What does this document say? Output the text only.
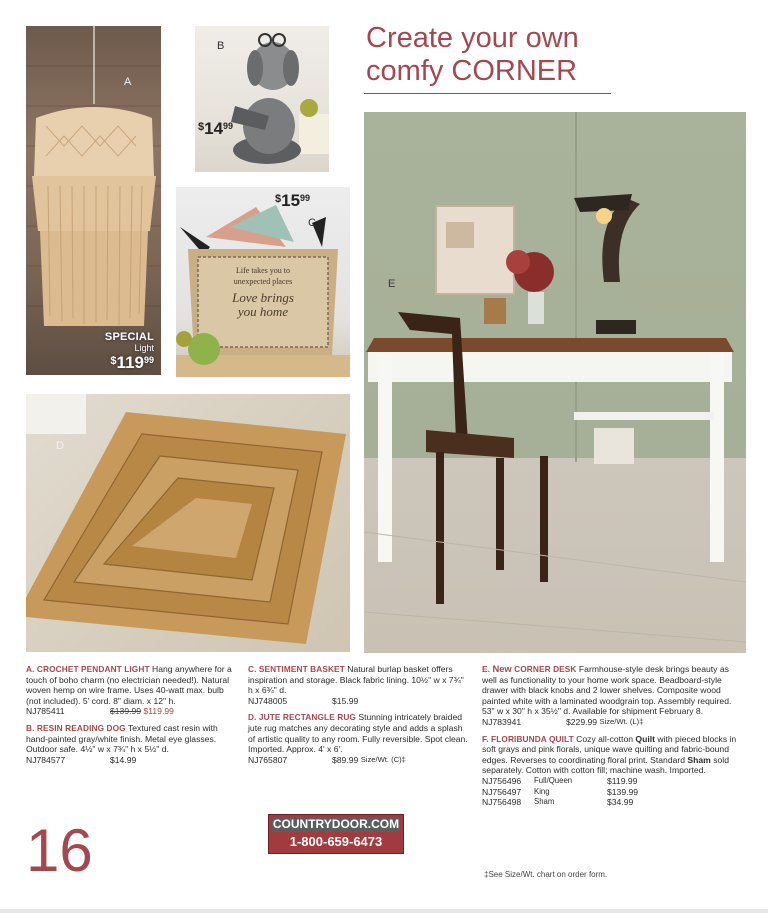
Create your own
comfy CORNER
A
SPECIAL
Light
$^{\$}119^{99}$
B
$^{\$}14^{99}$
C
$^{\$}15^{99}$
Life takes you to
unexpected places
Love brings
you home
D
E

A. CROCHET PENDANT LIGHT Hang anywhere for a touch of boho charm (no electrician needed!). Natural woven hemp on wire frame. Uses 40-watt max. bulb (not included). 5' cord. 8" diam. x 12" h.

NJ785411	$139.99
$119.99

B. RESIN READING DOG Textured cast resin with hand-painted gray/white finish. Metal eye glasses. Outdoor safe. 4½" w x 7¾" h x 5½" d.

NJ784577	$14.99

C. SENTIMENT BASKET Natural burlap basket offers inspiration and storage. Black fabric lining. 10½" w x 7¾" h x 6¾" d.

NJ748005	$15.99

D. JUTE RECTANGLE RUG Stunning intricately braided jute rug matches any decorating style and adds a splash of artistic quality to any room. Fully reversible. Spot clean. Imported. Approx. 4' x 6'.

NJ765807	$89.99
Size/Wt. (C)‡

E. New CORNER DESK Farmhouse-style desk brings beauty as well as functionality to your home work space. Beadboard-style drawer with black knobs and 2 lower shelves. Composite wood painted white with a laminated woodgrain top. Assembly required. 53" w x 30" h x 35½" d. Available for shipment February 8.

NJ783941	$229.99
Size/Wt. (L)‡

F. FLORIBUNDA QUILT Cozy all-cotton Quilt with pieced blocks in soft grays and pink florals, unique wave quilting and fabric-bound edges. Reverses to coordinating floral print. Standard Sham sold separately. Cotton with cotton fill; machine wash. Imported.

NJ756496	Full/Queen	$119.99
NJ756497	King	$139.99
NJ756498	Sham	$34.99
COUNTRYDOOR.COM
1-800-659-6473
16	‡See Size/Wt. chart on order form.
